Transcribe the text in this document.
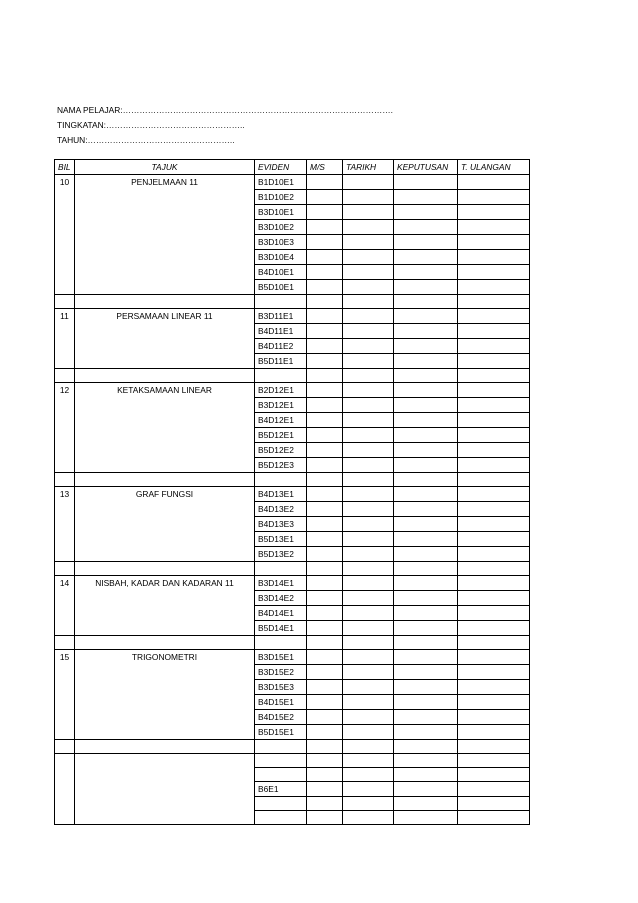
NAMA PELAJAR:…………………………………………………………………………………….
TINGKATAN:…………………………………………..
TAHUN:……………………………………………..
BIL	TAJUK	EVIDEN	M/S	TARIKH	KEPUTUSAN	T. ULANGAN
10	PENJELMAAN 11	B1D10E1				
		B1D10E2				
		B3D10E1				
		B3D10E2				
		B3D10E3				
		B3D10E4				
		B4D10E1				
		B5D10E1				

11	PERSAMAAN LINEAR 11	B3D11E1				
		B4D11E1				
		B4D11E2				
		B5D11E1				

12	KETAKSAMAAN LINEAR	B2D12E1				
		B3D12E1				
		B4D12E1				
		B5D12E1				
		B5D12E2				
		B5D12E3				

13	GRAF FUNGSI	B4D13E1				
		B4D13E2				
		B4D13E3				
		B5D13E1				
		B5D13E2				

14	NISBAH, KADAR DAN KADARAN 11	B3D14E1				
		B3D14E2				
		B4D14E1				
		B5D14E1				

15	TRIGONOMETRI	B3D15E1				
		B3D15E2				
		B3D15E3				
		B4D15E1				
		B4D15E2				
		B5D15E1				

		B6E1				
